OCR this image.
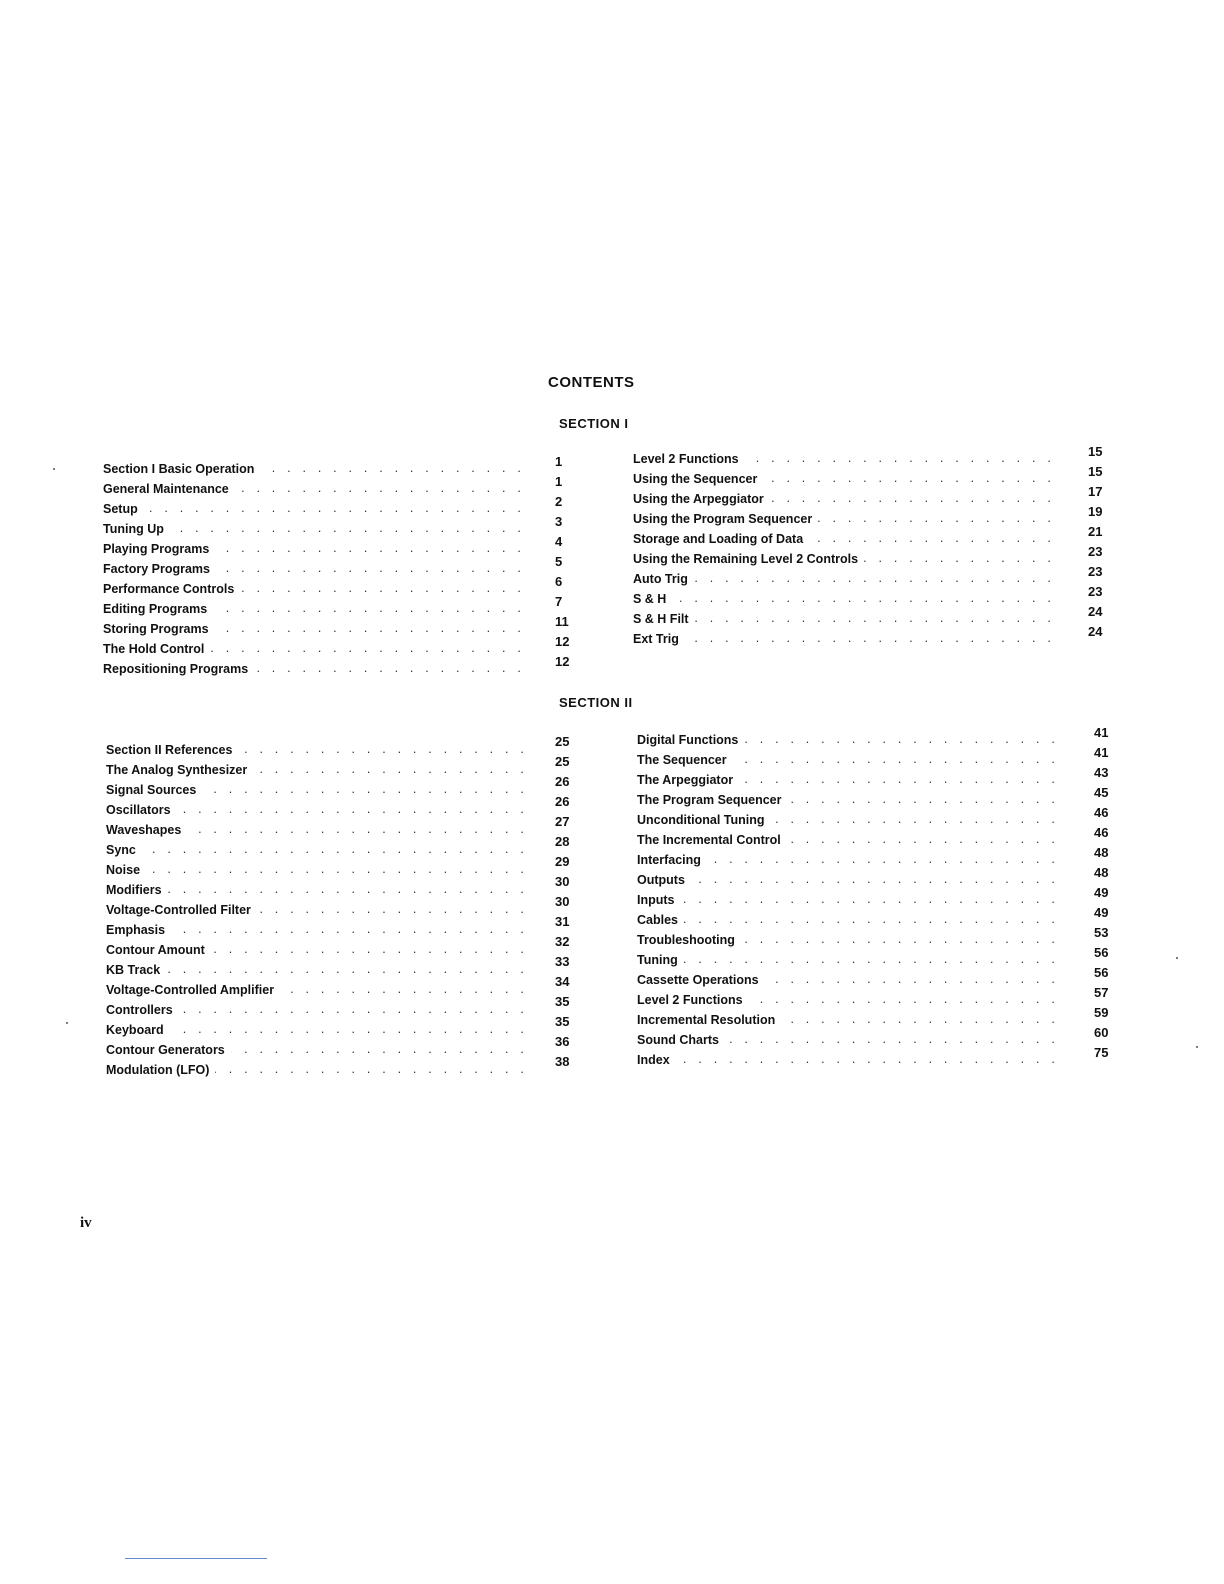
CONTENTS
SECTION I
SECTION II
Section I Basic Operation
. . .
General Maintenance
. . .
Setup
. . .
Tuning Up
. . .
Playing Programs
. . .
Factory Programs
. . .
Performance Controls
. . .
Editing Programs
. . .
Storing Programs
. . .
The Hold Control
. . .
Repositioning Programs
. . .
1
1
2
3
4
5
6
7
11
12
12
Level 2 Functions
. . .
Using the Sequencer
. . .
Using the Arpeggiator
. . .
Using the Program Sequencer
. . .
Storage and Loading of Data
. . .
Using the Remaining Level 2 Controls
. . .
Auto Trig
. . .
S & H
. . .
S & H Filt
. . .
Ext Trig
. . .
15
15
17
19
21
23
23
23
24
24
Section II References
. . .
The Analog Synthesizer
. . .
Signal Sources
. . .
Oscillators
. . .
Waveshapes
. . .
Sync
. . .
Noise
. . .
Modifiers
. . .
Voltage-Controlled Filter
. . .
Emphasis
. . .
Contour Amount
. . .
KB Track
. . .
Voltage-Controlled Amplifier
. . .
Controllers
. . .
Keyboard
. . .
Contour Generators
. . .
Modulation (LFO)
. . .
25
25
26
26
27
28
29
30
30
31
32
33
34
35
35
36
38
Digital Functions
. . .
The Sequencer
. . .
The Arpeggiator
. . .
The Program Sequencer
. . .
Unconditional Tuning
. . .
The Incremental Control
. . .
Interfacing
. . .
Outputs
. . .
Inputs
. . .
Cables
. . .
Troubleshooting
. . .
Tuning
. . .
Cassette Operations
. . .
Level 2 Functions
. . .
Incremental Resolution
. . .
Sound Charts
. . .
Index
. . .
41
41
43
45
46
46
48
48
49
49
53
56
56
57
59
60
75
iv
